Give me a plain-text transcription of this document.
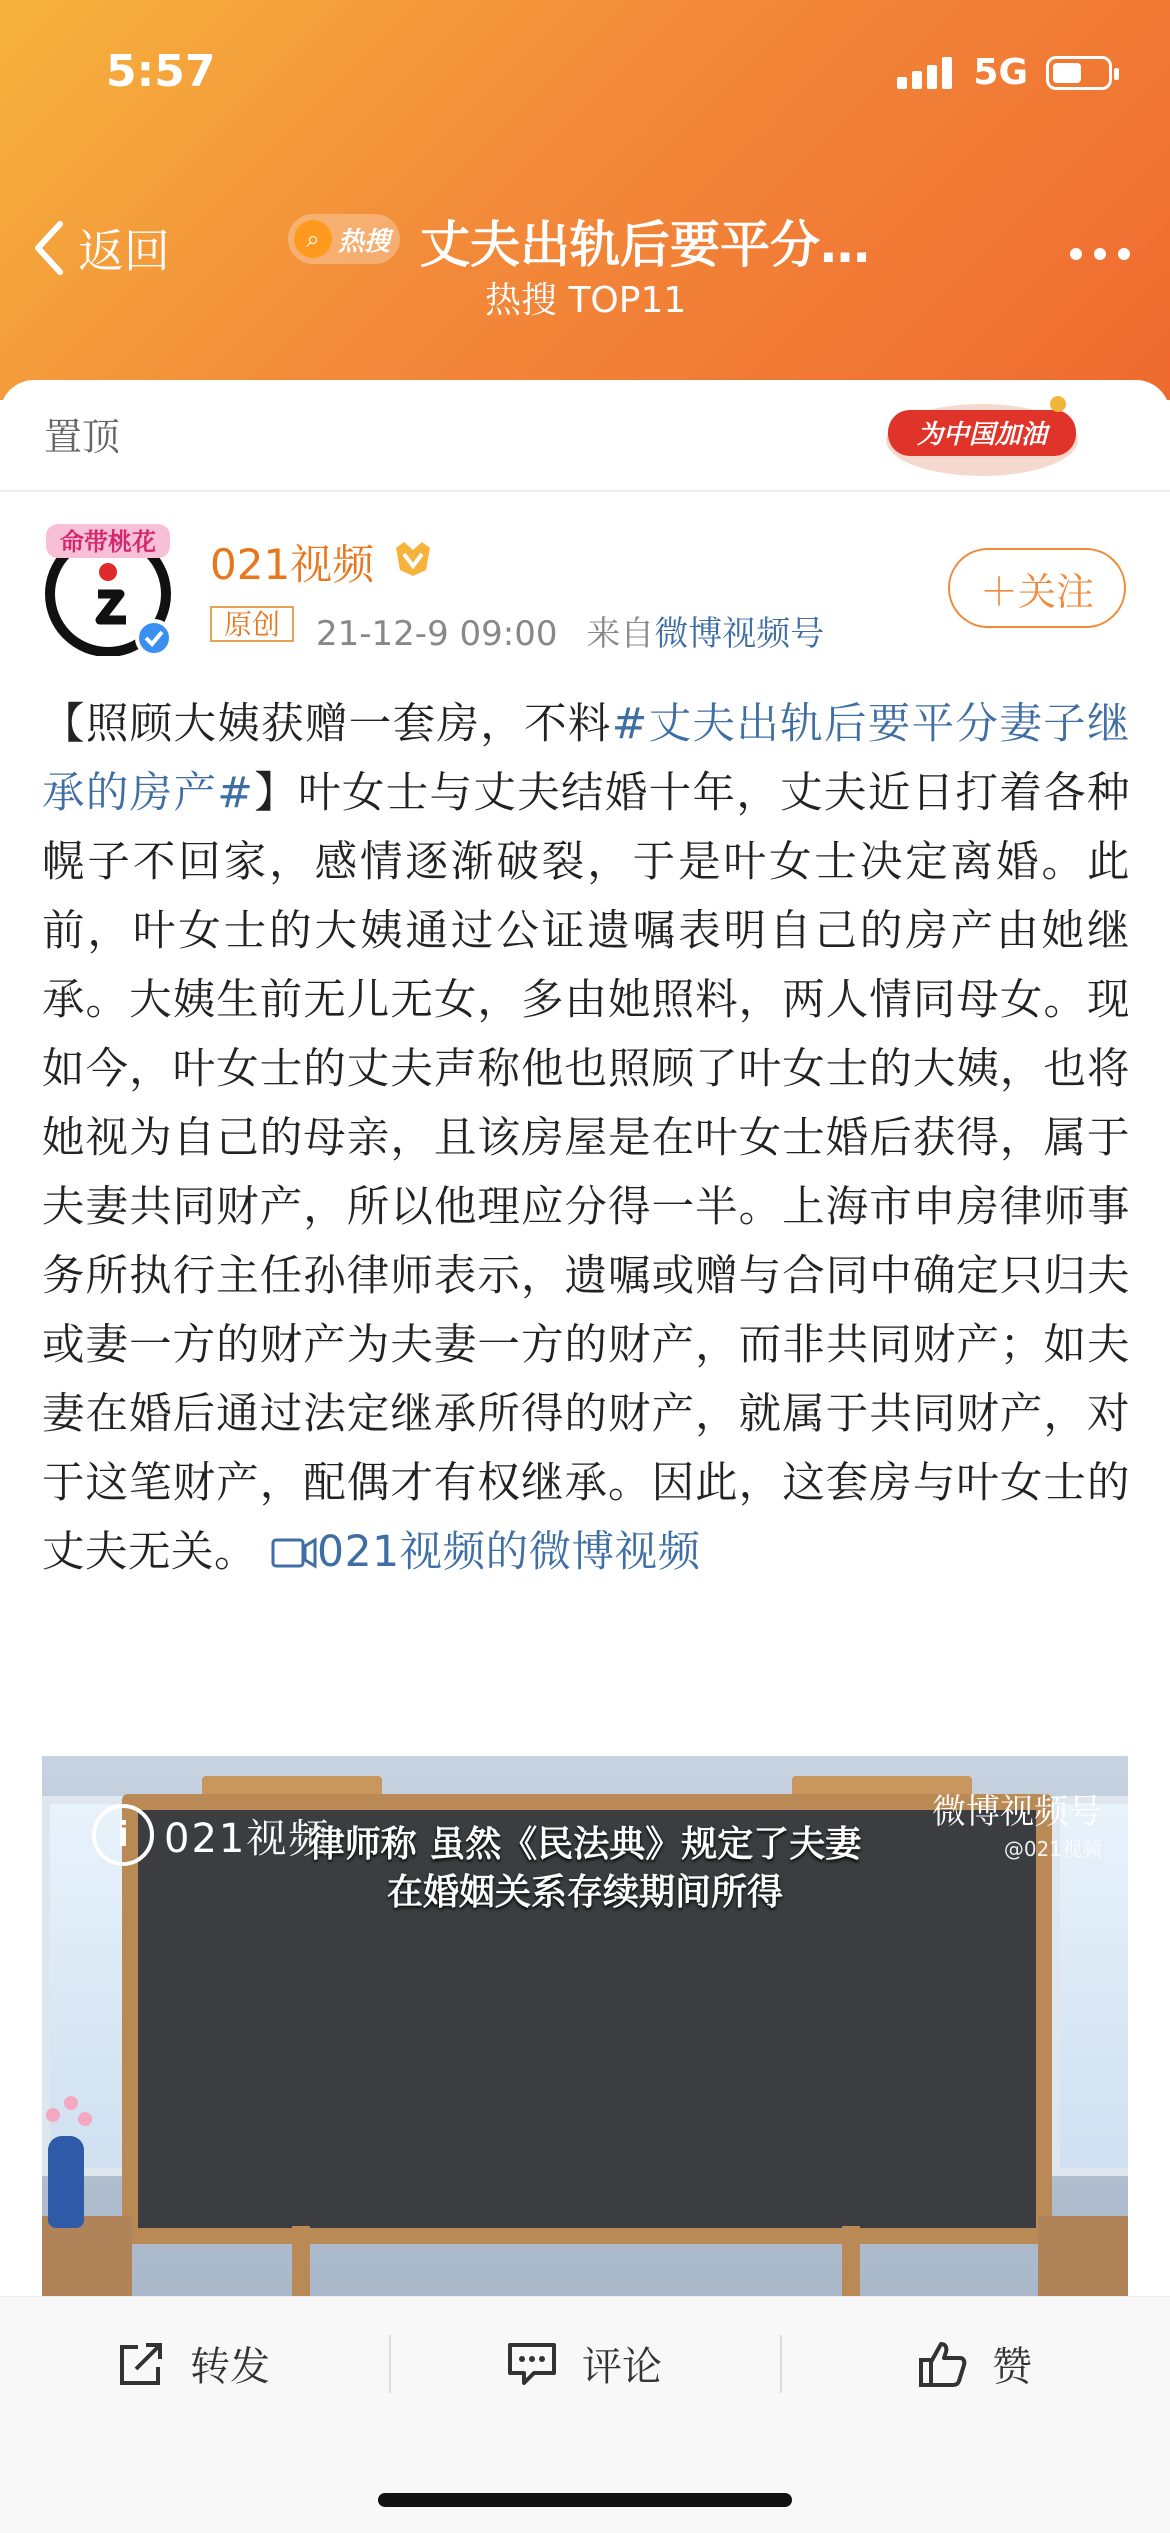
5:57	5G
返回	⌕ 热搜 丈夫出轨后要平分…
热搜 TOP11
置顶	为中国加油
命带桃花 021视频
原创	21-12-9 09:00 来自微博视频号
＋关注
【照顾大姨获赠一套房，不料#丈夫出轨后要平分妻子继承的房产#】叶女士与丈夫结婚十年，丈夫近日打着各种幌子不回家，感情逐渐破裂，于是叶女士决定离婚。此前，叶女士的大姨通过公证遗嘱表明自己的房产由她继承。大姨生前无儿无女，多由她照料，两人情同母女。现如今，叶女士的丈夫声称他也照顾了叶女士的大姨，也将她视为自己的母亲，且该房屋是在叶女士婚后获得，属于夫妻共同财产，所以他理应分得一半。上海市申房律师事务所执行主任孙律师表示，遗嘱或赠与合同中确定只归夫或妻一方的财产为夫妻一方的财产，而非共同财产；如夫妻在婚后通过法定继承所得的财产，就属于共同财产，对于这笔财产，配偶才有权继承。因此，这套房与叶女士的丈夫无关。 021视频的微博视频
i 021视频
微博视频号
@021视频
律师称 虽然《民法典》规定了夫妻
在婚姻关系存续期间所得
转发	评论	赞
